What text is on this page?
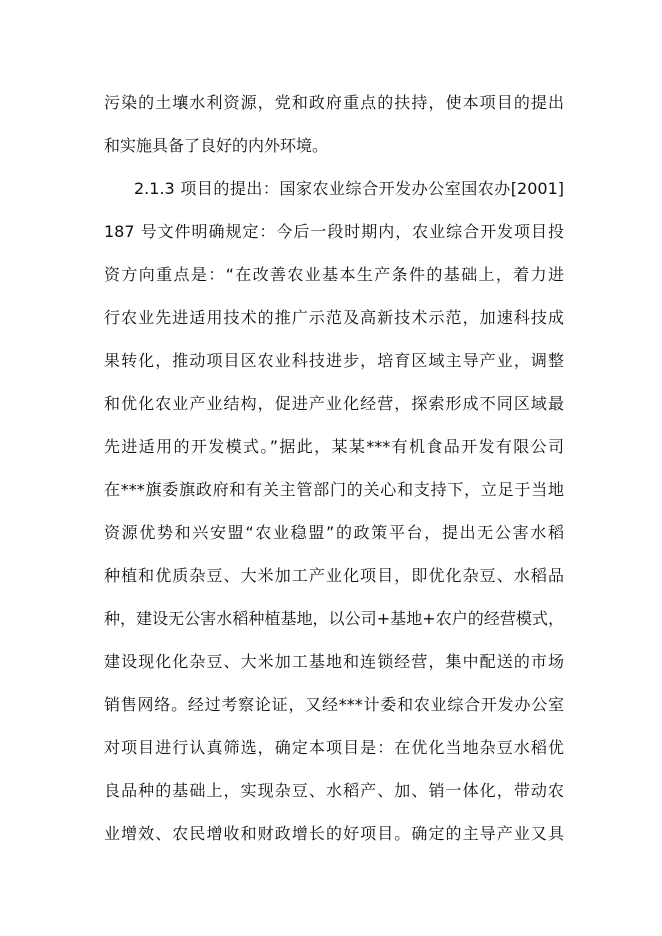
污染的土壤水利资源，党和政府重点的扶持，使本项目的提出
和实施具备了良好的内外环境。
2.1.3 项目的提出：国家农业综合开发办公室国农办[2001]
187 号文件明确规定：今后一段时期内，农业综合开发项目投
资方向重点是：“在改善农业基本生产条件的基础上，着力进
行农业先进适用技术的推广示范及高新技术示范，加速科技成
果转化，推动项目区农业科技进步，培育区域主导产业，调整
和优化农业产业结构，促进产业化经营，探索形成不同区域最
先进适用的开发模式。”据此，某某***有机食品开发有限公司
在***旗委旗政府和有关主管部门的关心和支持下，立足于当地
资源优势和兴安盟“农业稳盟”的政策平台，提出无公害水稻
种植和优质杂豆、大米加工产业化项目，即优化杂豆、水稻品
种，建设无公害水稻种植基地，以公司+基地+农户的经营模式，
建设现化化杂豆、大米加工基地和连锁经营，集中配送的市场
销售网络。经过考察论证，又经***计委和农业综合开发办公室
对项目进行认真筛选，确定本项目是：在优化当地杂豆水稻优
良品种的基础上，实现杂豆、水稻产、加、销一体化，带动农
业增效、农民增收和财政增长的好项目。确定的主导产业又具
